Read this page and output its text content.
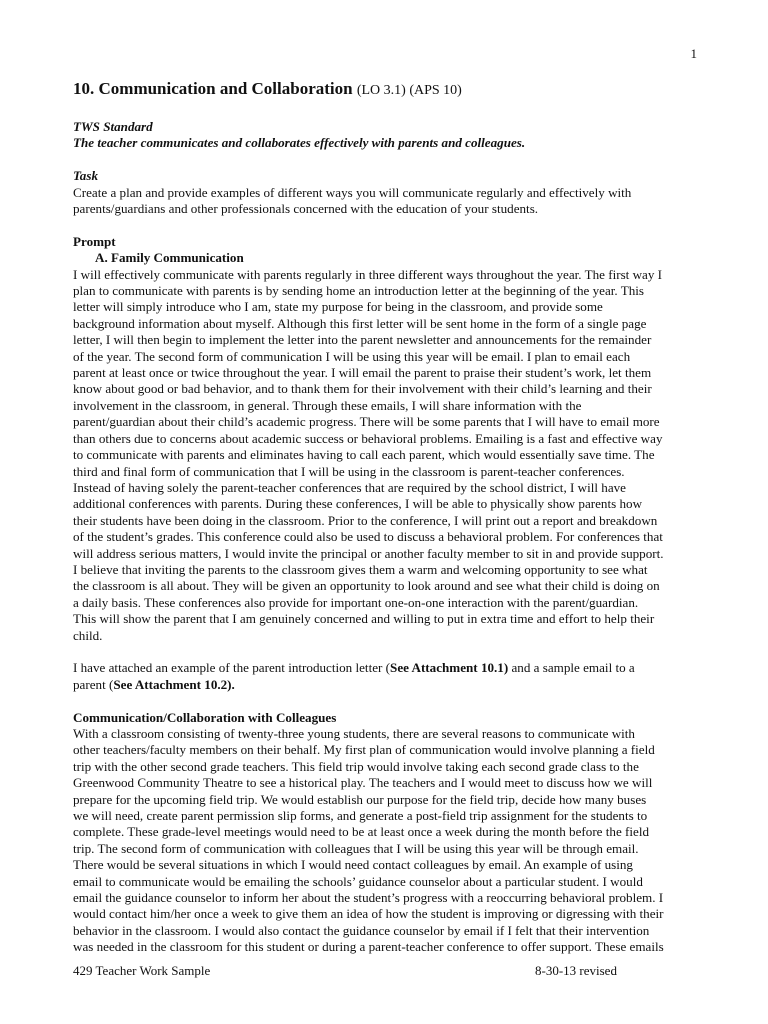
1
10. Communication and Collaboration (LO 3.1) (APS 10)
TWS Standard
The teacher communicates and collaborates effectively with parents and colleagues.
Task
Create a plan and provide examples of different ways you will communicate regularly and effectively with
parents/guardians and other professionals concerned with the education of your students.
Prompt
A. Family Communication
I will effectively communicate with parents regularly in three different ways throughout the year. The first way I
plan to communicate with parents is by sending home an introduction letter at the beginning of the year. This
letter will simply introduce who I am, state my purpose for being in the classroom, and provide some
background information about myself. Although this first letter will be sent home in the form of a single page
letter, I will then begin to implement the letter into the parent newsletter and announcements for the remainder
of the year. The second form of communication I will be using this year will be email. I plan to email each
parent at least once or twice throughout the year. I will email the parent to praise their student’s work, let them
know about good or bad behavior, and to thank them for their involvement with their child’s learning and their
involvement in the classroom, in general. Through these emails, I will share information with the
parent/guardian about their child’s academic progress. There will be some parents that I will have to email more
than others due to concerns about academic success or behavioral problems. Emailing is a fast and effective way
to communicate with parents and eliminates having to call each parent, which would essentially save time. The
third and final form of communication that I will be using in the classroom is parent-teacher conferences.
Instead of having solely the parent-teacher conferences that are required by the school district, I will have
additional conferences with parents. During these conferences, I will be able to physically show parents how
their students have been doing in the classroom. Prior to the conference, I will print out a report and breakdown
of the student’s grades. This conference could also be used to discuss a behavioral problem. For conferences that
will address serious matters, I would invite the principal or another faculty member to sit in and provide support.
I believe that inviting the parents to the classroom gives them a warm and welcoming opportunity to see what
the classroom is all about. They will be given an opportunity to look around and see what their child is doing on
a daily basis. These conferences also provide for important one-on-one interaction with the parent/guardian.
This will show the parent that I am genuinely concerned and willing to put in extra time and effort to help their
child.
I have attached an example of the parent introduction letter (See Attachment 10.1) and a sample email to a
parent (See Attachment 10.2).
Communication/Collaboration with Colleagues
With a classroom consisting of twenty-three young students, there are several reasons to communicate with
other teachers/faculty members on their behalf. My first plan of communication would involve planning a field
trip with the other second grade teachers. This field trip would involve taking each second grade class to the
Greenwood Community Theatre to see a historical play. The teachers and I would meet to discuss how we will
prepare for the upcoming field trip. We would establish our purpose for the field trip, decide how many buses
we will need, create parent permission slip forms, and generate a post-field trip assignment for the students to
complete. These grade-level meetings would need to be at least once a week during the month before the field
trip. The second form of communication with colleagues that I will be using this year will be through email.
There would be several situations in which I would need contact colleagues by email. An example of using
email to communicate would be emailing the schools’ guidance counselor about a particular student. I would
email the guidance counselor to inform her about the student’s progress with a reoccurring behavioral problem. I
would contact him/her once a week to give them an idea of how the student is improving or digressing with their
behavior in the classroom. I would also contact the guidance counselor by email if I felt that their intervention
was needed in the classroom for this student or during a parent-teacher conference to offer support. These emails
429 Teacher Work Sample	8-30-13 revised
